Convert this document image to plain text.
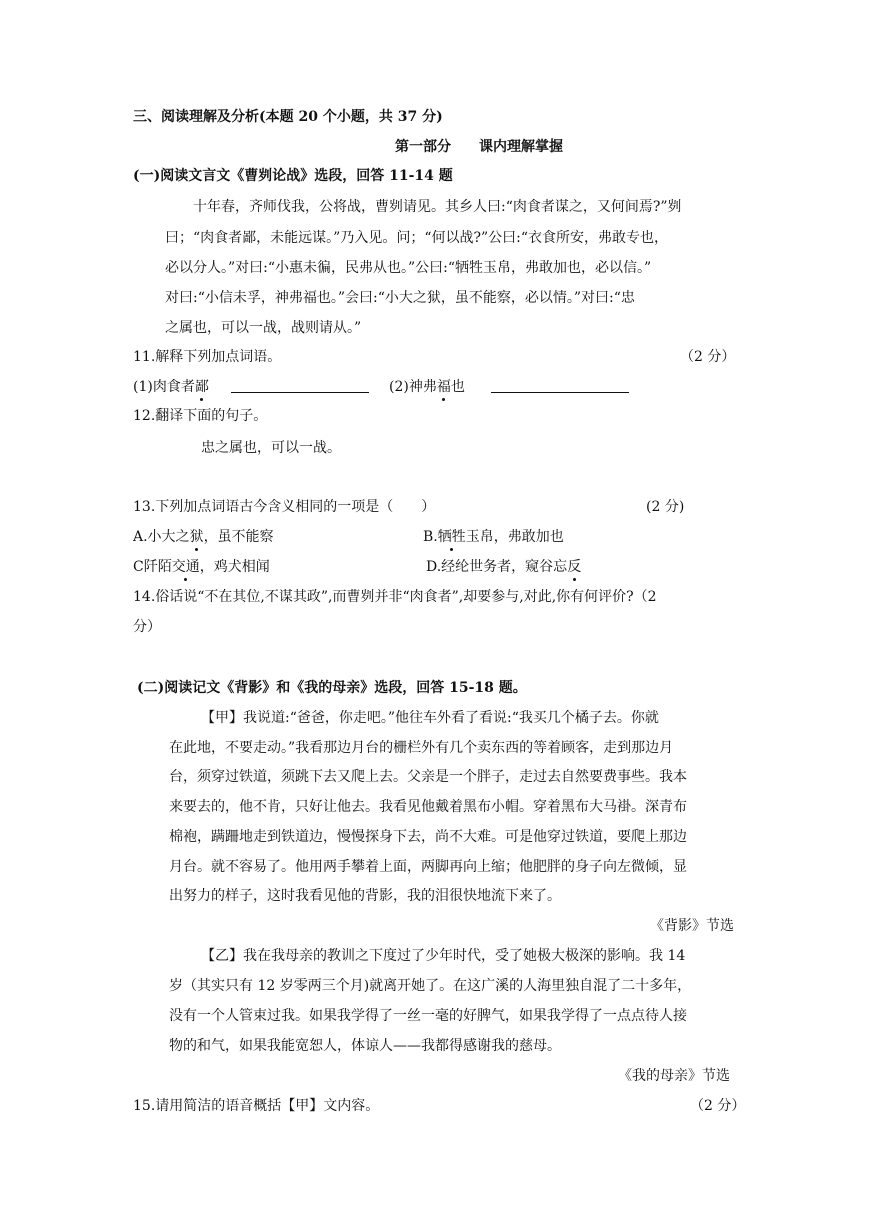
三、阅读理解及分析(本题 20 个小题，共 37 分)
第一部分　　课内理解掌握
(一)阅读文言文《曹刿论战》选段，回答 11-14 题
十年春，齐师伐我，公将战，曹刿请见。其乡人曰:“肉食者谋之，又何间焉?”刿
曰；“肉食者鄙，未能远谋。”乃入见。问；“何以战?”公曰:“衣食所安，弗敢专也，
必以分人。”对曰:“小惠未徧，民弗从也。”公曰:“牺牲玉帛，弗敢加也，必以信。”
对曰:“小信未孚，神弗福也。”会曰:“小大之狱，虽不能察，必以情。”对曰:“忠
之属也，可以一战，战则请从。”
11.解释下列加点词语。	（2 分）
(1)肉食者鄙	(2)神弗福也
12.翻译下面的句子。
忠之属也，可以一战。
13.下列加点词语古今含义相同的一项是（　　）	(2 分)
A.小大之狱，虽不能察	B.牺牲玉帛，弗敢加也
C阡陌交通，鸡犬相闻	D.经纶世务者，窥谷忘反
14.俗话说“不在其位,不谋其政”,而曹刿并非“肉食者”,却要参与,对此,你有何评价?（2
分）
(二)阅读记文《背影》和《我的母亲》选段，回答 15-18 题。
【甲】我说道:“爸爸，你走吧。”他往车外看了看说:“我买几个橘子去。你就
在此地，不要走动。”我看那边月台的栅栏外有几个卖东西的等着顾客，走到那边月
台，须穿过铁道，须跳下去又爬上去。父亲是一个胖子，走过去自然要费事些。我本
来要去的，他不肯，只好让他去。我看见他戴着黑布小帽。穿着黑布大马褂。深青布
棉袍，蹒跚地走到铁道边，慢慢探身下去，尚不大难。可是他穿过铁道，要爬上那边
月台。就不容易了。他用两手攀着上面，两脚再向上缩；他肥胖的身子向左微倾，显
出努力的样子，这时我看见他的背影，我的泪很快地流下来了。
《背影》节选
【乙】我在我母亲的教训之下度过了少年时代，受了她极大极深的影响。我 14
岁（其实只有 12 岁零两三个月)就离开她了。在这广溪的人海里独自混了二十多年，
没有一个人管束过我。如果我学得了一丝一毫的好脾气，如果我学得了一点点待人接
物的和气，如果我能宽恕人，体谅人——我都得感谢我的慈母。
《我的母亲》节选
15.请用简洁的语音概括【甲】文内容。	（2 分）
